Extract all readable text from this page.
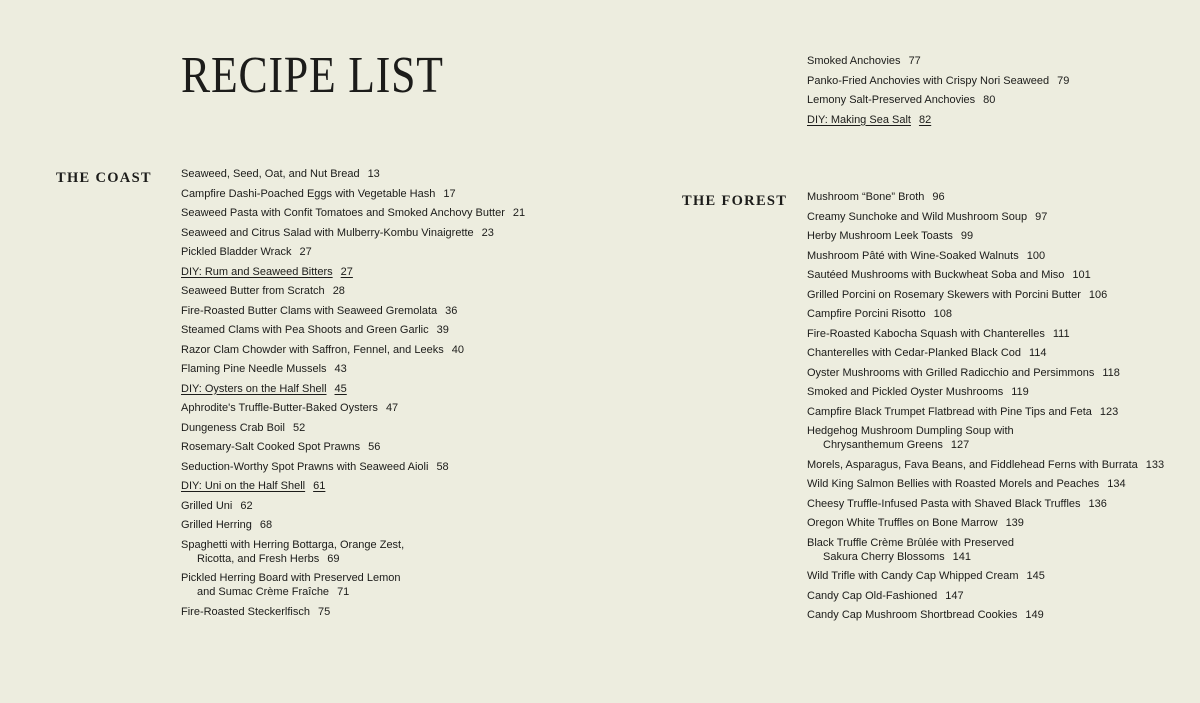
RECIPE LIST
THE COAST	Seaweed, Seed, Oat, and Nut Bread 13
Campfire Dashi-Poached Eggs with Vegetable Hash 17
Seaweed Pasta with Confit Tomatoes and Smoked Anchovy Butter 21
Seaweed and Citrus Salad with Mulberry-Kombu Vinaigrette 23
Pickled Bladder Wrack 27
DIY: Rum and Seaweed Bitters 27
Seaweed Butter from Scratch 28
Fire-Roasted Butter Clams with Seaweed Gremolata 36
Steamed Clams with Pea Shoots and Green Garlic 39
Razor Clam Chowder with Saffron, Fennel, and Leeks 40
Flaming Pine Needle Mussels 43
DIY: Oysters on the Half Shell 45
Aphrodite's Truffle-Butter-Baked Oysters 47
Dungeness Crab Boil 52
Rosemary-Salt Cooked Spot Prawns 56
Seduction-Worthy Spot Prawns with Seaweed Aioli 58
DIY: Uni on the Half Shell 61
Grilled Uni 62
Grilled Herring 68
Spaghetti with Herring Bottarga, Orange Zest,
Ricotta, and Fresh Herbs 69
Pickled Herring Board with Preserved Lemon
and Sumac Crème Fraîche 71
Fire-Roasted Steckerlfisch 75
Smoked Anchovies 77
Panko-Fried Anchovies with Crispy Nori Seaweed 79
Lemony Salt-Preserved Anchovies 80
DIY: Making Sea Salt 82
THE FOREST Mushroom “Bone” Broth 96
Creamy Sunchoke and Wild Mushroom Soup 97
Herby Mushroom Leek Toasts 99
Mushroom Pâté with Wine-Soaked Walnuts 100
Sautéed Mushrooms with Buckwheat Soba and Miso 101
Grilled Porcini on Rosemary Skewers with Porcini Butter 106
Campfire Porcini Risotto 108
Fire-Roasted Kabocha Squash with Chanterelles 111
Chanterelles with Cedar-Planked Black Cod 114
Oyster Mushrooms with Grilled Radicchio and Persimmons 118
Smoked and Pickled Oyster Mushrooms 119
Campfire Black Trumpet Flatbread with Pine Tips and Feta 123
Hedgehog Mushroom Dumpling Soup with
Chrysanthemum Greens 127
Morels, Asparagus, Fava Beans, and Fiddlehead Ferns with Burrata 133
Wild King Salmon Bellies with Roasted Morels and Peaches 134
Cheesy Truffle-Infused Pasta with Shaved Black Truffles 136
Oregon White Truffles on Bone Marrow 139
Black Truffle Crème Brûlée with Preserved
Sakura Cherry Blossoms 141
Wild Trifle with Candy Cap Whipped Cream 145
Candy Cap Old-Fashioned 147
Candy Cap Mushroom Shortbread Cookies 149
